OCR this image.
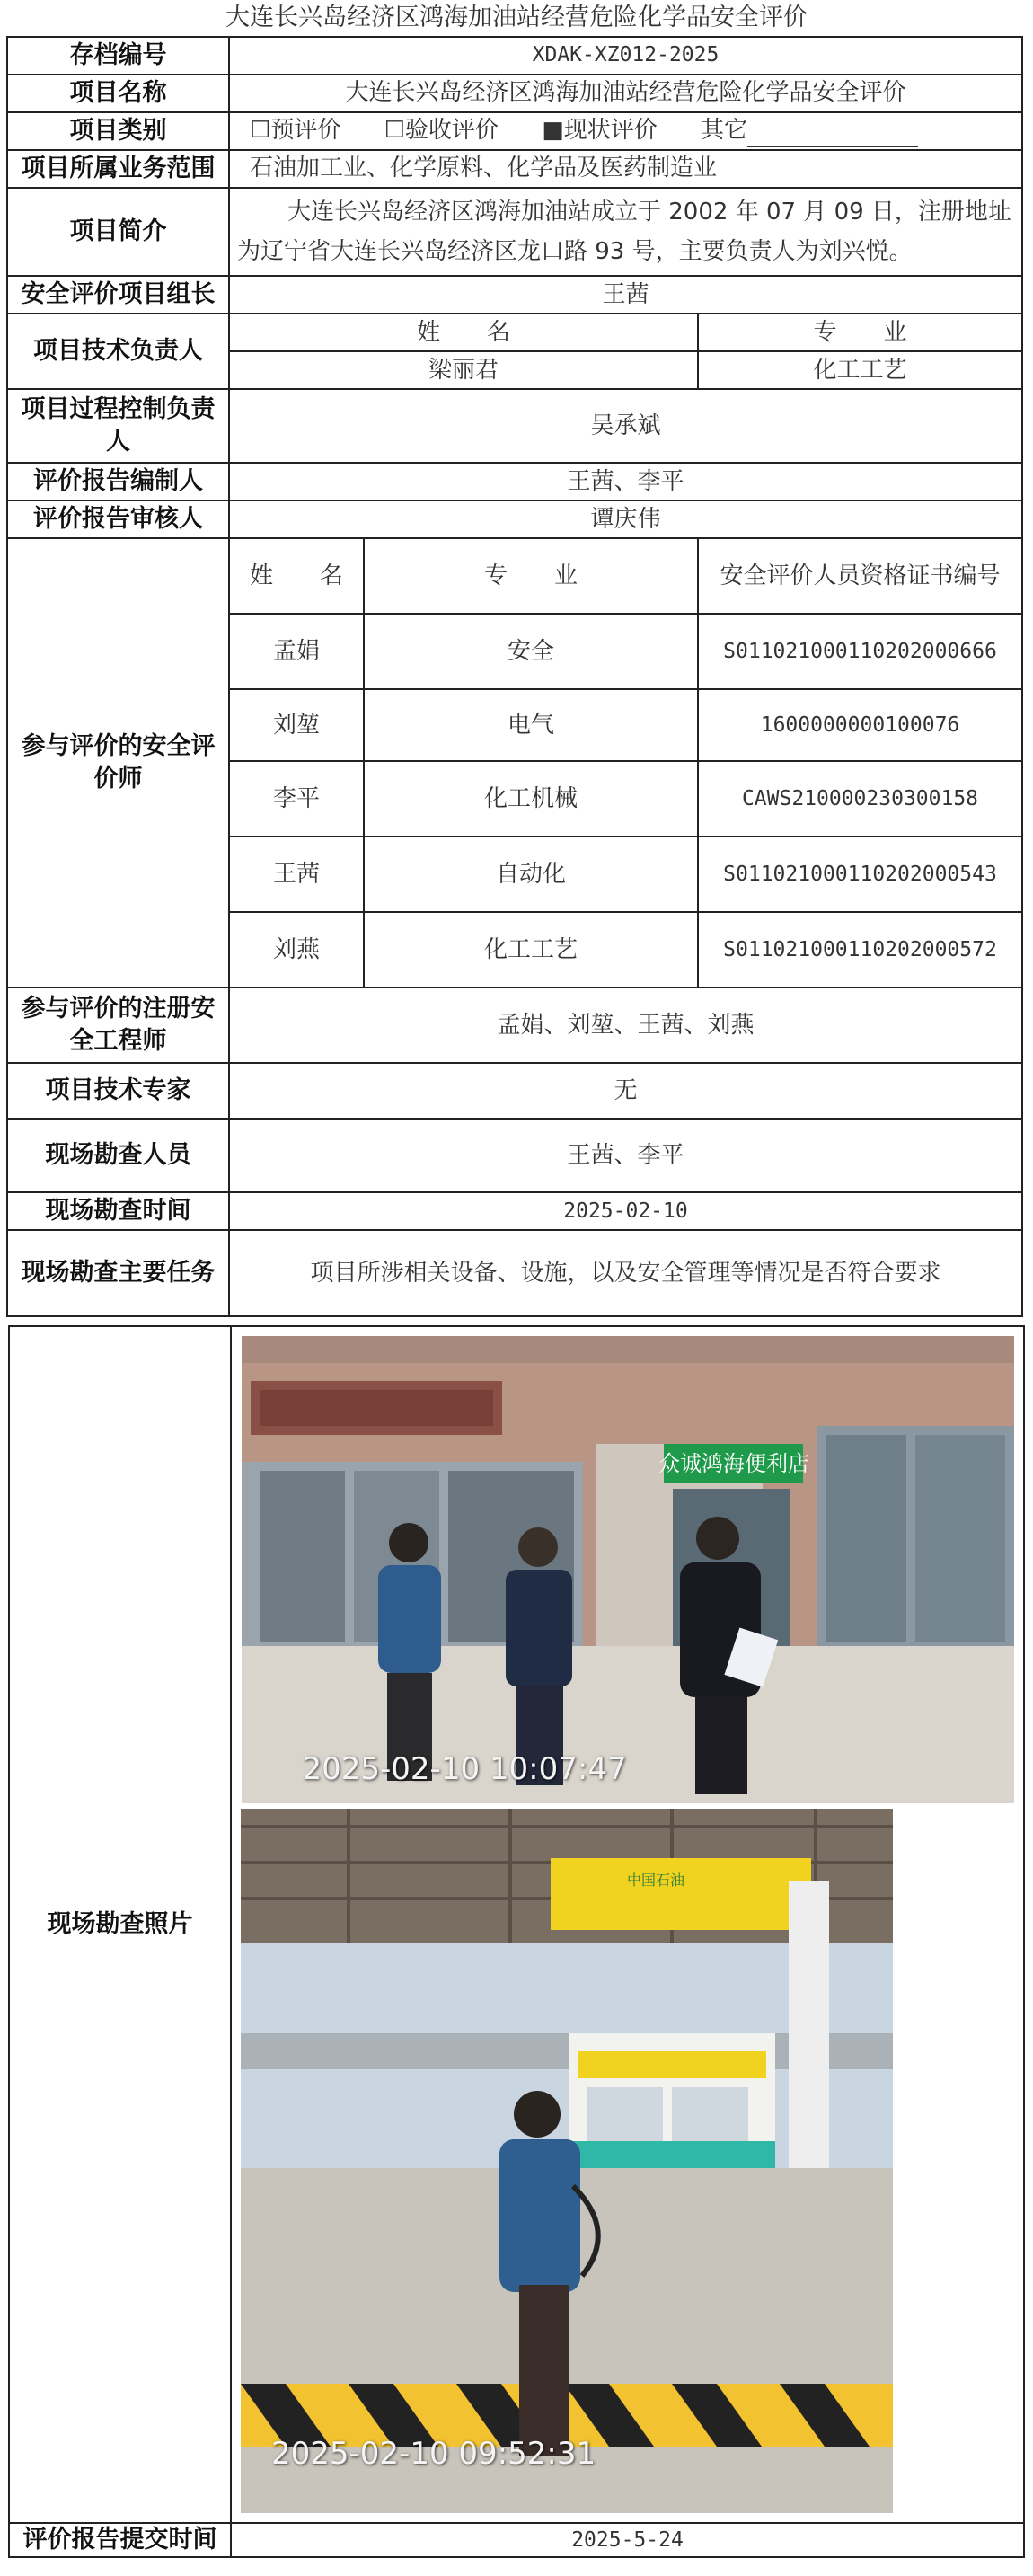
大连长兴岛经济区鸿海加油站经营危险化学品安全评价
存档编号	XDAK-XZ012-2025		
项目名称	大连长兴岛经济区鸿海加油站经营危险化学品安全评价		
项目类别	☐预评价 ☐验收评价 ■现状评价 其它		
项目所属业务范围	石油加工业、化学原料、化学品及医药制造业		
项目简介	大连长兴岛经济区鸿海加油站成立于 2002 年 07 月 09 日，注册地址
为辽宁省大连长兴岛经济区龙口路 93 号，主要负责人为刘兴悦。		

安全评价项目组长	王茜		
项目技术负责人	姓　　名		专　　业
	梁丽君		化工工艺
项目过程控制负责人	吴承斌		
评价报告编制人	王茜、李平		
评价报告审核人	谭庆伟		
参与评价的安全评价师	姓　　名	专　　业	安全评价人员资格证书编号
	孟娟	安全	S011021000110202000666
	刘堃	电气	1600000000100076
	李平	化工机械	CAWS210000230300158
	王茜	自动化	S011021000110202000543
	刘燕	化工工艺	S011021000110202000572
参与评价的注册安全工程师	孟娟、刘堃、王茜、刘燕		
项目技术专家	无		
现场勘查人员	王茜、李平		
现场勘查时间	2025-02-10		
现场勘查主要任务	项目所涉相关设备、设施，以及安全管理等情况是否符合要求		
现场勘查照片	众诚鸿海便利店
2025-02-10 10:07:47
中国石油
2025-02-10 09:52:31

评价报告提交时间	2025-5-24
